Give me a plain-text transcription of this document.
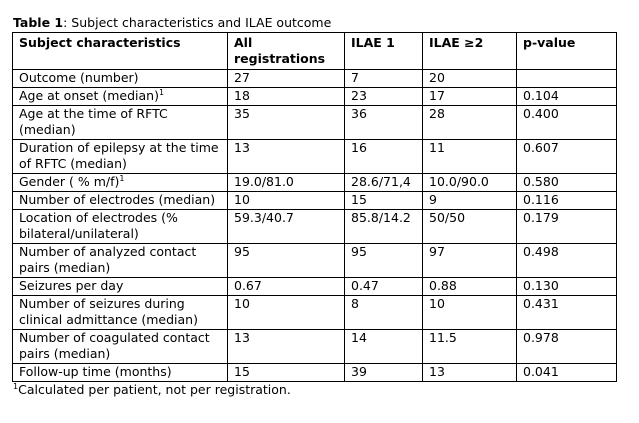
Table 1: Subject characteristics and ILAE outcome
Subject characteristics	All registrations	ILAE 1	ILAE ≥2	p-value
Outcome (number)	27	7	20	
Age at onset (median)$^1$	18	23	17	0.104
Age at the time of RFTC (median)	35	36	28	0.400
Duration of epilepsy at the time of RFTC (median)	13	16	11	0.607
Gender ( % m/f)$^1$	19.0/81.0	28.6/71,4	10.0/90.0	0.580
Number of electrodes (median)	10	15	9	0.116
Location of electrodes (% bilateral/unilateral)	59.3/40.7	85.8/14.2	50/50	0.179
Number of analyzed contact pairs (median)	95	95	97	0.498
Seizures per day	0.67	0.47	0.88	0.130
Number of seizures during clinical admittance (median)	10	8	10	0.431
Number of coagulated contact pairs (median)	13	14	11.5	0.978
Follow-up time (months)	15	39	13	0.041
$^1$Calculated per patient, not per registration.
